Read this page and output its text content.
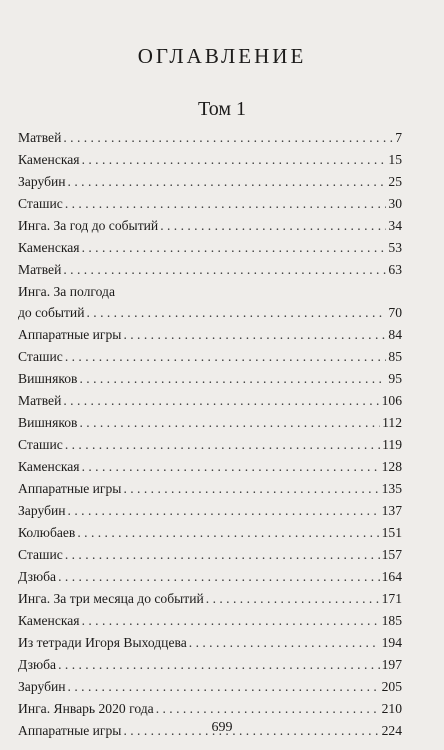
ОГЛАВЛЕНИЕ
Том 1
Матвей . . .	7
Каменская . . .	15
Зарубин . . .	25
Сташис . . .	30
Инга. За год до событий . . .	34
Каменская . . .	53
Матвей . . .	63
Инга. За полгода
до событий . . .	70
Аппаратные игры . . .	84
Сташис . . .	85
Вишняков . . .	95
Матвей . . .	106
Вишняков . . .	112
Сташис . . .	119
Каменская . . .	128
Аппаратные игры . . .	135
Зарубин . . .	137
Колюбаев . . .	151
Сташис . . .	157
Дзюба . . .	164
Инга. За три месяца до событий . . .	171
Каменская . . .	185
Из тетради Игоря Выходцева . . .	194
Дзюба . . .	197
Зарубин . . .	205
Инга. Январь 2020 года . . .	210
Аппаратные игры . . .	224
699
